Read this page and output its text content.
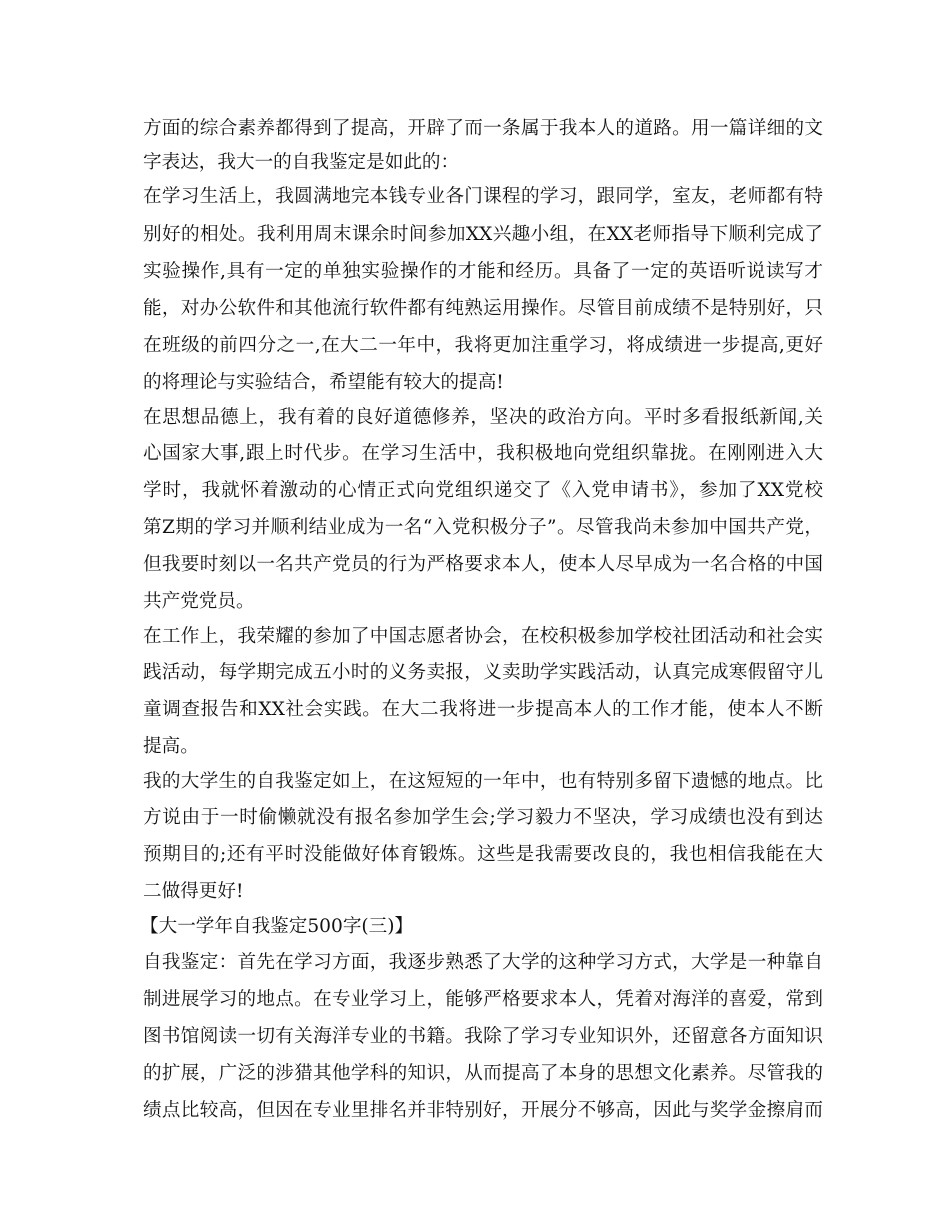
方面的综合素养都得到了提高，开辟了而一条属于我本人的道路。用一篇详细的文
字表达，我大一的自我鉴定是如此的：
在学习生活上，我圆满地完本钱专业各门课程的学习，跟同学，室友，老师都有特
别好的相处。我利用周末课余时间参加XX兴趣小组，在XX老师指导下顺利完成了
实验操作,具有一定的单独实验操作的才能和经历。具备了一定的英语听说读写才
能，对办公软件和其他流行软件都有纯熟运用操作。尽管目前成绩不是特别好，只
在班级的前四分之一,在大二一年中，我将更加注重学习，将成绩进一步提高,更好
的将理论与实验结合，希望能有较大的提高!
在思想品德上，我有着的良好道德修养，坚决的政治方向。平时多看报纸新闻,关
心国家大事,跟上时代步。在学习生活中，我积极地向党组织靠拢。在刚刚进入大
学时，我就怀着激动的心情正式向党组织递交了《入党申请书》，参加了XX党校
第Z期的学习并顺利结业成为一名“入党积极分子”。尽管我尚未参加中国共产党，
但我要时刻以一名共产党员的行为严格要求本人，使本人尽早成为一名合格的中国
共产党党员。
在工作上，我荣耀的参加了中国志愿者协会，在校积极参加学校社团活动和社会实
践活动，每学期完成五小时的义务卖报，义卖助学实践活动，认真完成寒假留守儿
童调查报告和XX社会实践。在大二我将进一步提高本人的工作才能，使本人不断
提高。
我的大学生的自我鉴定如上，在这短短的一年中，也有特别多留下遗憾的地点。比
方说由于一时偷懒就没有报名参加学生会;学习毅力不坚决，学习成绩也没有到达
预期目的;还有平时没能做好体育锻炼。这些是我需要改良的，我也相信我能在大
二做得更好!
【大一学年自我鉴定500字(三)】
自我鉴定：首先在学习方面，我逐步熟悉了大学的这种学习方式，大学是一种靠自
制进展学习的地点。在专业学习上，能够严格要求本人，凭着对海洋的喜爱，常到
图书馆阅读一切有关海洋专业的书籍。我除了学习专业知识外，还留意各方面知识
的扩展，广泛的涉猎其他学科的知识，从而提高了本身的思想文化素养。尽管我的
绩点比较高，但因在专业里排名并非特别好，开展分不够高，因此与奖学金擦肩而
